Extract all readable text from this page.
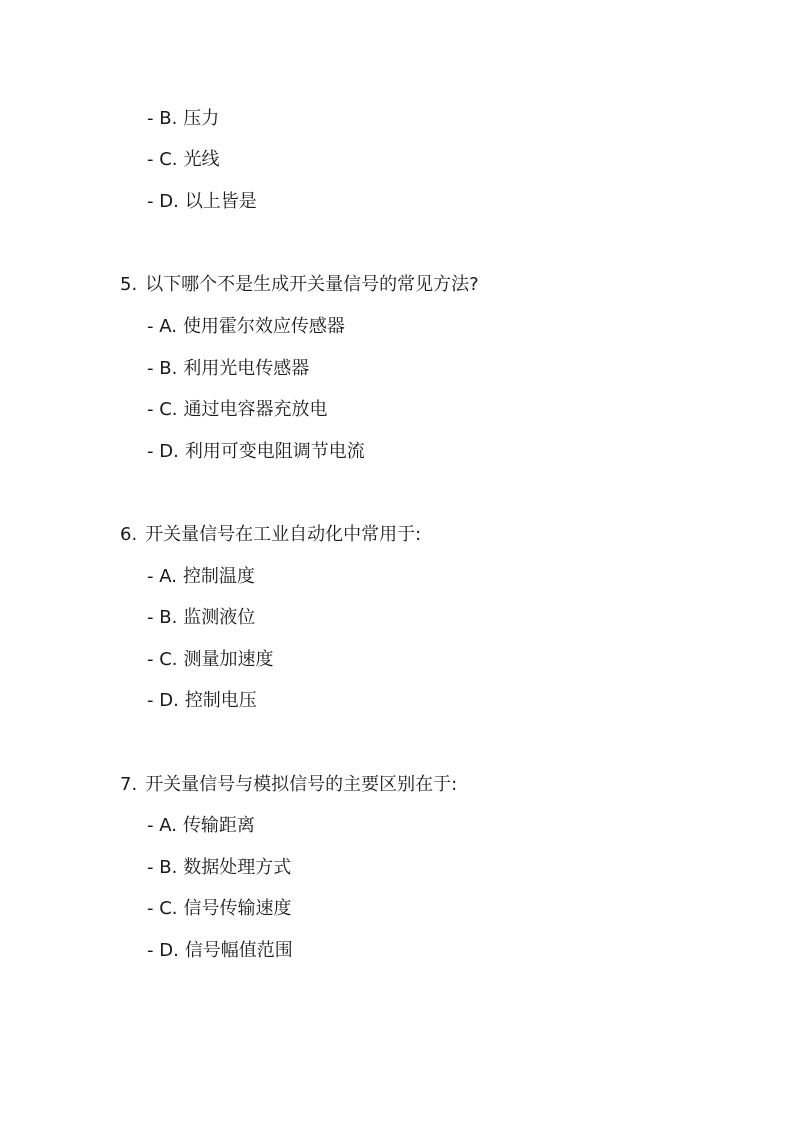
- B. 压力
- C. 光线
- D. 以上皆是
5. 以下哪个不是生成开关量信号的常见方法?
- A. 使用霍尔效应传感器
- B. 利用光电传感器
- C. 通过电容器充放电
- D. 利用可变电阻调节电流
6. 开关量信号在工业自动化中常用于:
- A. 控制温度
- B. 监测液位
- C. 测量加速度
- D. 控制电压
7. 开关量信号与模拟信号的主要区别在于:
- A. 传输距离
- B. 数据处理方式
- C. 信号传输速度
- D. 信号幅值范围
